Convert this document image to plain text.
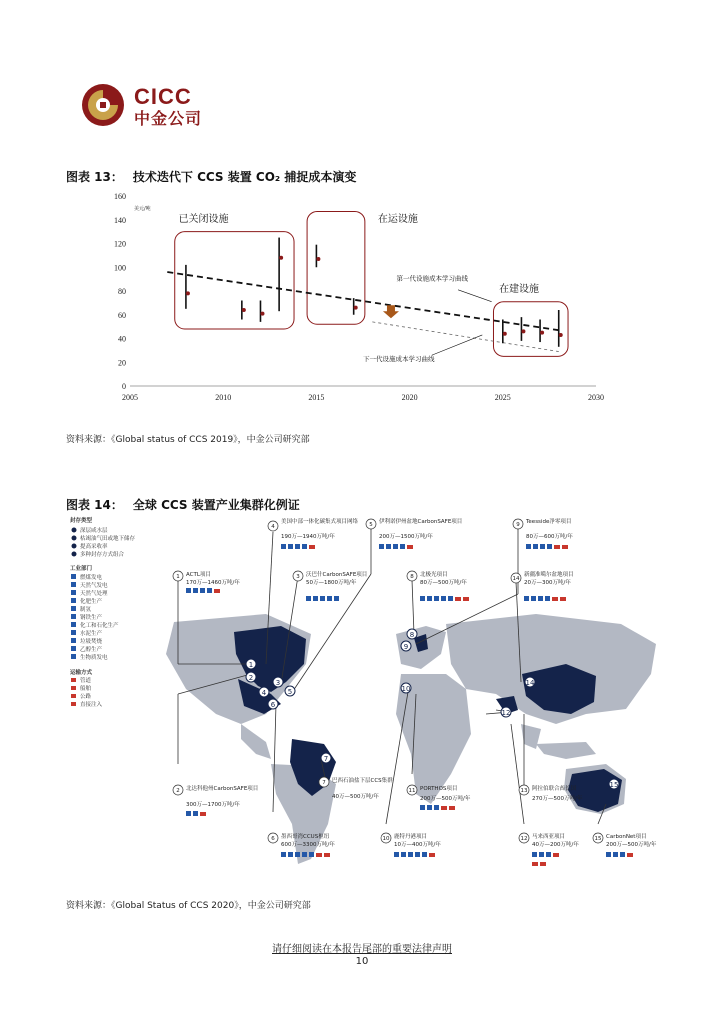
CICC
中金公司
图表 13： 技术迭代下 CCS 装置 CO₂ 捕捉成本演变
0
20
40
60
80
100
120
140
160
2005	2010	2015	2020	2025	2030
美元/吨
已关闭设施	在运设施
在建设施
第一代设施成本学习曲线
下一代设施成本学习曲线
资料来源：《Global status of CCS 2019》，中金公司研究部
图表 14： 全球 CCS 装置产业集群化例证
1
2
3
4	5
6
7
8
9
10
12
14
15
封存类型
深层咸水层
枯竭油气田或地下储存
提高采收率
多种封存方式组合
工业部门
燃煤发电
天然气发电
天然气处理
化肥生产
制氢
钢铁生产
化工和石化生产
水泥生产
垃圾焚烧
乙醇生产
生物质发电
运输方式
管道
船舶
公路
直接注入
1 ACTL项目
170万—1460万吨/年
4
美国中部一体化碳集式项目网络
190万—1940万吨/年
5 伊利诺伊州盆地CarbonSAFE项目
200万—1500万吨/年
9 Teesside净零项目
80万—600万吨/年
3 沃巴什CarbonSAFE项目
50万—1800万吨/年
8 北极光项目
80万—500万吨/年
14
新疆准噶尔盆地项目
20万—300万吨/年
2 北达科他州CarbonSAFE项目
300万—1700万吨/年
7 巴西石油盐下层CCS集群
40万—500万吨/年
11 PORTHOS项目
200万—500万吨/年
13 阿拉伯联合酋长国
270万—500万吨/年
6 墨西哥湾CCUS枢纽
600万—3300万吨/年
10 鹿特丹港项目
10万—400万吨/年
12 马来西亚项目
40万—200万吨/年
15 CarbonNet项目
200万—500万吨/年
资料来源：《Global Status of CCS 2020》，中金公司研究部
请仔细阅读在本报告尾部的重要法律声明
10
